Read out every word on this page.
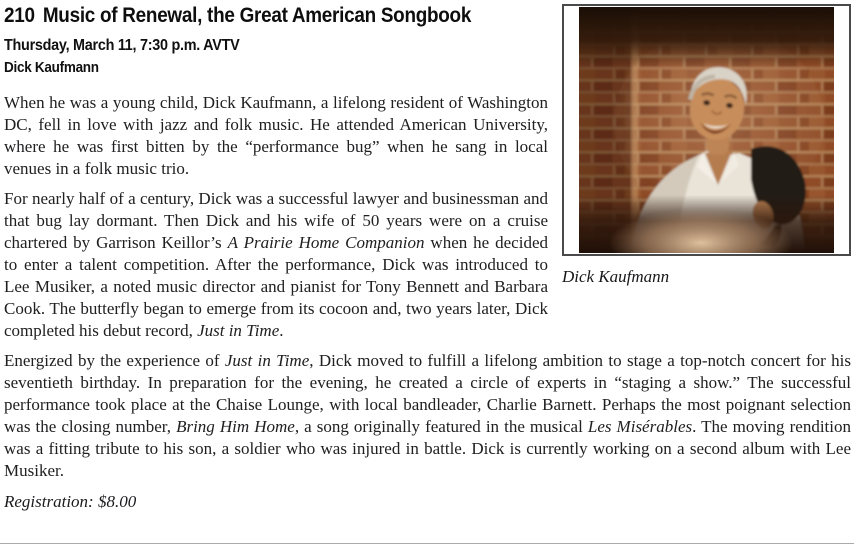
Dick Kaufmann
210 Music of Renewal, the Great American Songbook
Thursday, March 11, 7:30 p.m. AVTV
Dick Kaufmann

When he was a young child, Dick Kaufmann, a lifelong resident of Washington DC, fell in love with jazz and folk music. He attended American University, where he was first bitten by the “performance bug” when he sang in local venues in a folk music trio.

For nearly half of a century, Dick was a successful lawyer and businessman and that bug lay dormant. Then Dick and his wife of 50 years were on a cruise chartered by Garrison Keillor’s A Prairie Home Companion when he decided to enter a talent competition. After the performance, Dick was introduced to Lee Musiker, a noted music director and pianist for Tony Bennett and Barbara Cook. The butterfly began to emerge from its cocoon and, two years later, Dick completed his debut record, Just in Time.

Energized by the experience of Just in Time, Dick moved to fulfill a lifelong ambition to stage a top-notch concert for his seventieth birthday. In preparation for the evening, he created a circle of experts in “staging a show.” The successful performance took place at the Chaise Lounge, with local bandleader, Charlie Barnett. Perhaps the most poignant selection was the closing number, Bring Him Home, a song originally featured in the musical Les Misérables. The moving rendition was a fitting tribute to his son, a soldier who was injured in battle. Dick is currently working on a second album with Lee Musiker.

Registration: $8.00
